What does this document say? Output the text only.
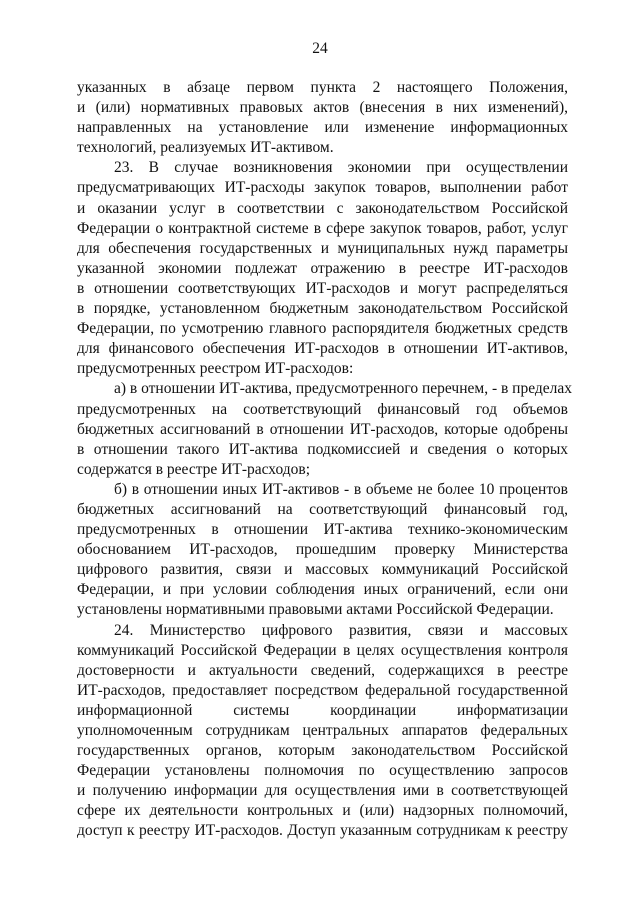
24
указанных в абзаце первом пункта 2 настоящего Положения,
и (или) нормативных правовых актов (внесения в них изменений),
направленных на установление или изменение информационных
технологий, реализуемых ИТ-активом.
23. В случае возникновения экономии при осуществлении
предусматривающих ИТ-расходы закупок товаров, выполнении работ
и оказании услуг в соответствии с законодательством Российской
Федерации о контрактной системе в сфере закупок товаров, работ, услуг
для обеспечения государственных и муниципальных нужд параметры
указанной экономии подлежат отражению в реестре ИТ-расходов
в отношении соответствующих ИТ-расходов и могут распределяться
в порядке, установленном бюджетным законодательством Российской
Федерации, по усмотрению главного распорядителя бюджетных средств
для финансового обеспечения ИТ-расходов в отношении ИТ-активов,
предусмотренных реестром ИТ-расходов:
а) в отношении ИТ-актива, предусмотренного перечнем, - в пределах
предусмотренных на соответствующий финансовый год объемов
бюджетных ассигнований в отношении ИТ-расходов, которые одобрены
в отношении такого ИТ-актива подкомиссией и сведения о которых
содержатся в реестре ИТ-расходов;
б) в отношении иных ИТ-активов - в объеме не более 10 процентов
бюджетных ассигнований на соответствующий финансовый год,
предусмотренных в отношении ИТ-актива технико-экономическим
обоснованием ИТ-расходов, прошедшим проверку Министерства
цифрового развития, связи и массовых коммуникаций Российской
Федерации, и при условии соблюдения иных ограничений, если они
установлены нормативными правовыми актами Российской Федерации.
24. Министерство цифрового развития, связи и массовых
коммуникаций Российской Федерации в целях осуществления контроля
достоверности и актуальности сведений, содержащихся в реестре
ИТ-расходов, предоставляет посредством федеральной государственной
информационной системы координации информатизации
уполномоченным сотрудникам центральных аппаратов федеральных
государственных органов, которым законодательством Российской
Федерации установлены полномочия по осуществлению запросов
и получению информации для осуществления ими в соответствующей
сфере их деятельности контрольных и (или) надзорных полномочий,
доступ к реестру ИТ-расходов. Доступ указанным сотрудникам к реестру
